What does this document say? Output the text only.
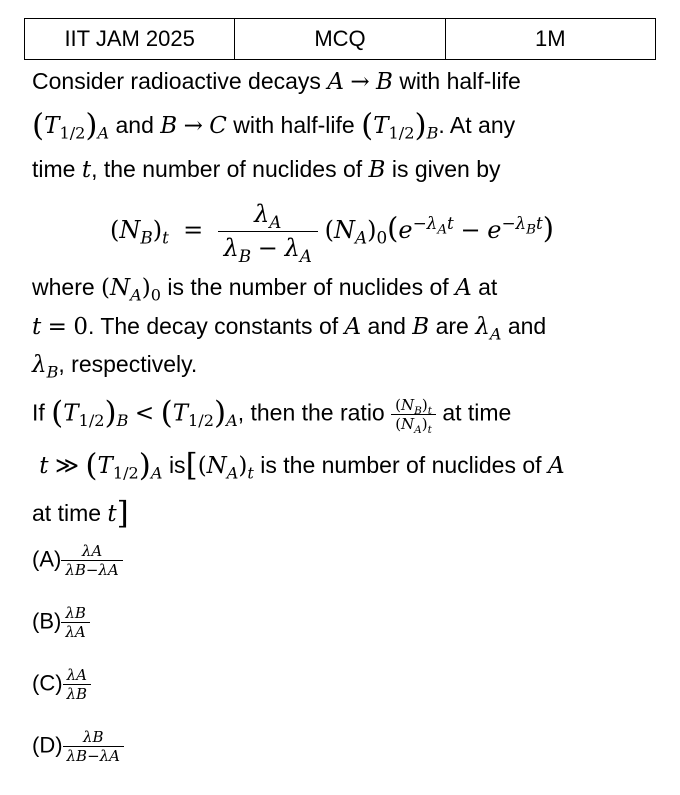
IIT JAM 2025	MCQ	1M
Consider radioactive decays A → B with half-life
$(T_{1/2})_A$ and B → C with half-life $(T_{1/2})_B$. At any
time t, the number of nuclides of B is given by
$(N_B)_t = \frac{\lambda_A}{\lambda_B - \lambda_A} (N_A)_0(e^{-\lambda_At} - e^{-\lambda_Bt})$
where $(N_A)_0$ is the number of nuclides of A at
t = 0. The decay constants of A and B are $\lambda_A$ and
$\lambda_B$, respectively.
If $(T_{1/2})_B < (T_{1/2})_A$, then the ratio $\frac{(N_B)_t}{(N_A)_t}$ at time
t ≫ $(T_{1/2})_A$ $is[(N_A)_t$ is the number of nuclides of A
at time t]
$(A) \frac{\lambda A}{\lambda B-\lambda A}$
$(B) \frac{\lambda B}{\lambda A}$
$(C) \frac{\lambda A}{\lambda B}$
$(D) \frac{\lambda B}{\lambda B-\lambda A}$
